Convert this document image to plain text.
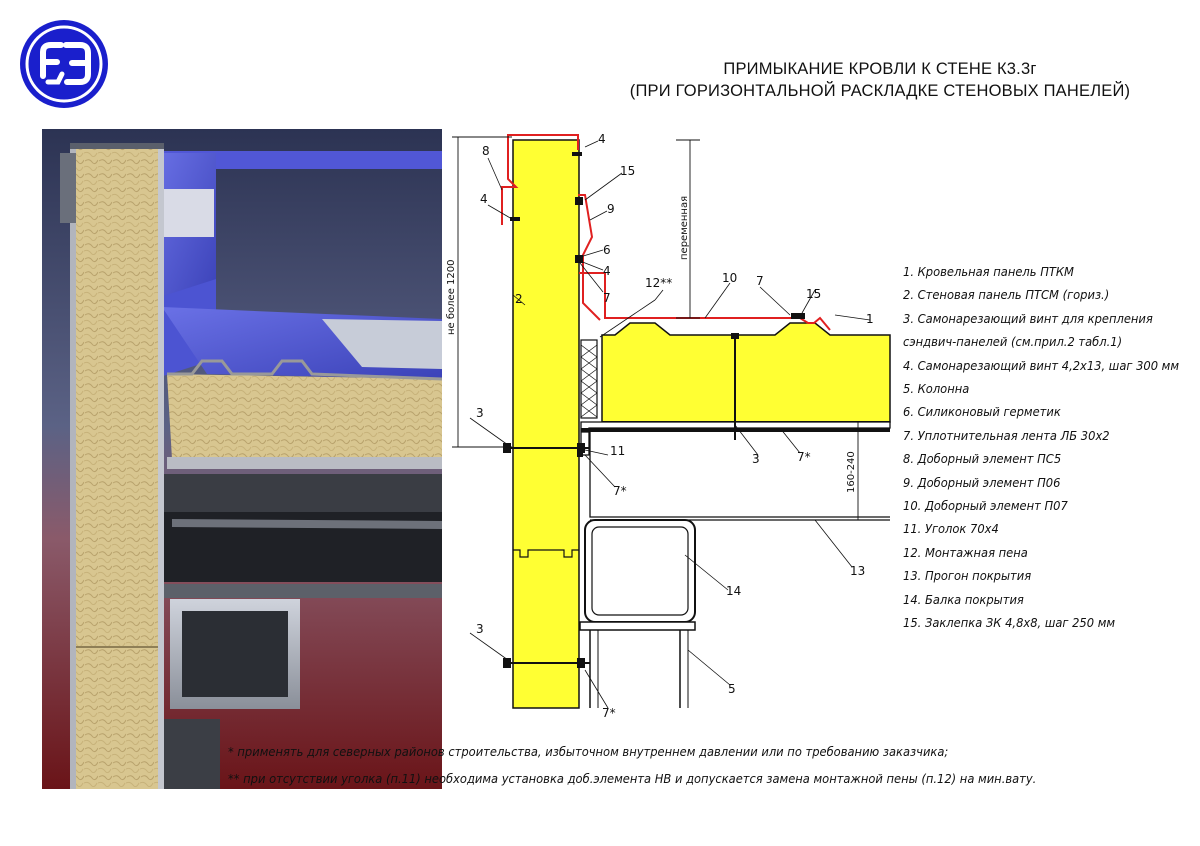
ПРИМЫКАНИЕ КРОВЛИ К СТЕНЕ К3.3г
(ПРИ ГОРИЗОНТАЛЬНОЙ РАСКЛАДКЕ СТЕНОВЫХ ПАНЕЛЕЙ)
не более 1200
переменная
160-240
8
4
4
15
9
6
4
7
12**	10 7
15
1
2
3
11
7*
3	7*
13
14
5
3
7*
1. Кровельная панель ПТКМ
2. Стеновая панель ПТСМ (гориз.)
3. Самонарезающий винт для крепления
сэндвич-панелей (см.прил.2 табл.1)
4. Самонарезающий винт 4,2х13, шаг 300 мм
5. Колонна
6. Силиконовый герметик
7. Уплотнительная лента ЛБ 30х2
8. Доборный элемент ПС5
9. Доборный элемент П06
10. Доборный элемент П07
11. Уголок 70х4
12. Монтажная пена
13. Прогон покрытия
14. Балка покрытия
15. Заклепка ЗК 4,8х8, шаг 250 мм
* применять для северных районов строительства, избыточном внутреннем давлении или по требованию заказчика;
** при отсутствии уголка (п.11) необходима установка доб.элемента НВ и допускается замена монтажной пены (п.12) на мин.вату.
